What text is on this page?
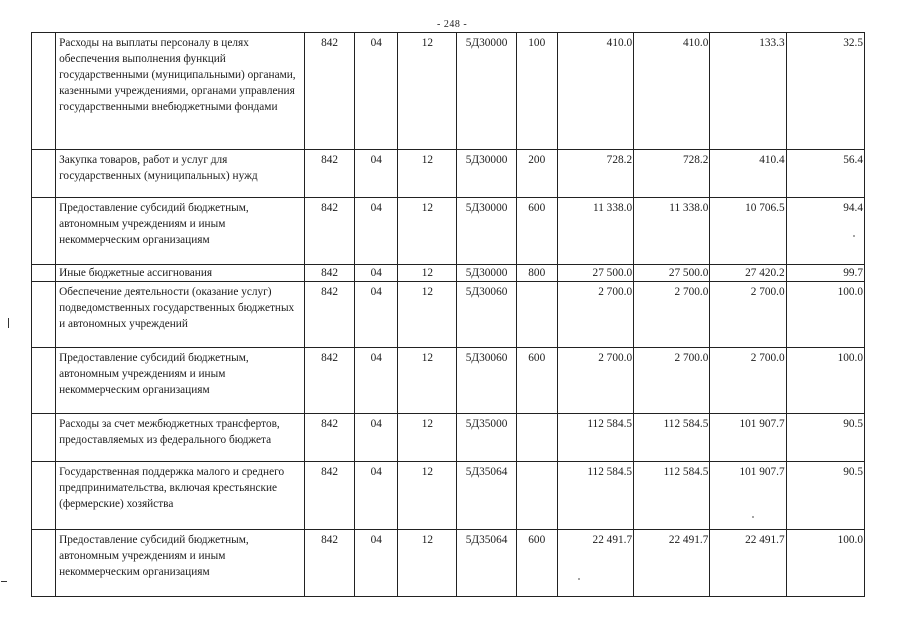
- 248 -
	Расходы на выплаты персоналу в целях обеспечения выполнения функций государственными (муниципальными) органами, казенными учреждениями, органами управления государственными внебюджетными фондами	842	04	12	5Д30000	100	410.0	410.0	133.3	32.5
	Закупка товаров, работ и услуг для государственных (муниципальных) нужд	842	04	12	5Д30000	200	728.2	728.2	410.4	56.4
	Предоставление субсидий бюджетным, автономным учреждениям и иным некоммерческим организациям	842	04	12	5Д30000	600	11 338.0	11 338.0	10 706.5	94.4
	Иные бюджетные ассигнования	842	04	12	5Д30000	800	27 500.0	27 500.0	27 420.2	99.7
	Обеспечение деятельности (оказание услуг) подведомственных государственных бюджетных и автономных учреждений	842	04	12	5Д30060		2 700.0	2 700.0	2 700.0	100.0
	Предоставление субсидий бюджетным, автономным учреждениям и иным некоммерческим организациям	842	04	12	5Д30060	600	2 700.0	2 700.0	2 700.0	100.0
	Расходы за счет межбюджетных трансфертов, предоставляемых из федерального бюджета	842	04	12	5Д35000		112 584.5	112 584.5	101 907.7	90.5
	Государственная поддержка малого и среднего предпринимательства, включая крестьянские (фермерские) хозяйства	842	04	12	5Д35064		112 584.5	112 584.5	101 907.7	90.5
	Предоставление субсидий бюджетным, автономным учреждениям и иным некоммерческим организациям	842	04	12	5Д35064	600	22 491.7	22 491.7	22 491.7	100.0
